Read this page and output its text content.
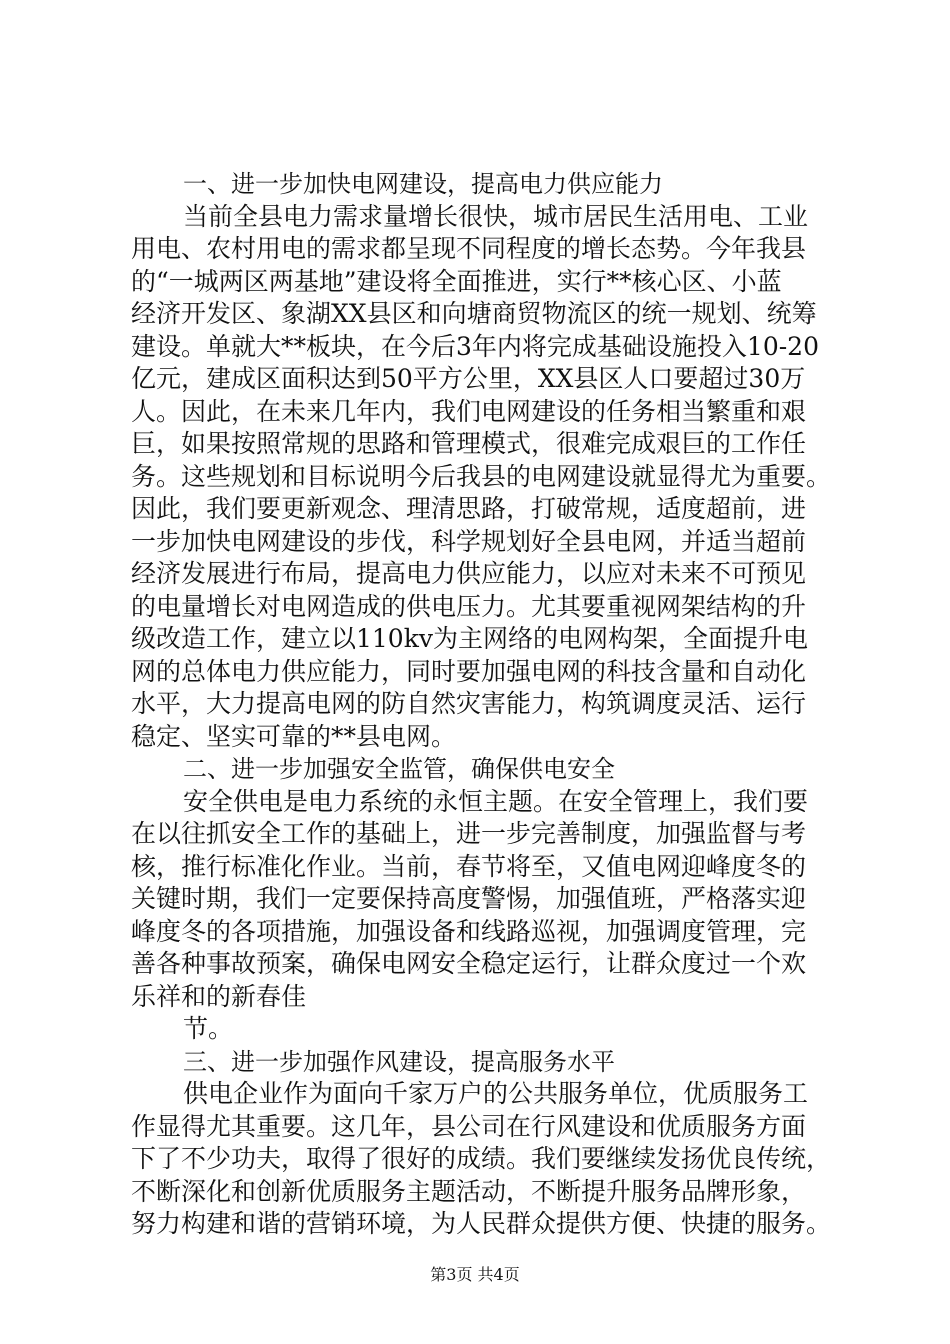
一、进一步加快电网建设，提高电力供应能力
当前全县电力需求量增长很快，城市居民生活用电、工业
用电、农村用电的需求都呈现不同程度的增长态势。今年我县
的“一城两区两基地”建设将全面推进，实行**核心区、小蓝
经济开发区、象湖XX县区和向塘商贸物流区的统一规划、统筹
建设。单就大**板块，在今后3年内将完成基础设施投入10-20
亿元，建成区面积达到50平方公里，XX县区人口要超过30万
人。因此，在未来几年内，我们电网建设的任务相当繁重和艰
巨，如果按照常规的思路和管理模式，很难完成艰巨的工作任
务。这些规划和目标说明今后我县的电网建设就显得尤为重要。
因此，我们要更新观念、理清思路，打破常规，适度超前，进
一步加快电网建设的步伐，科学规划好全县电网，并适当超前
经济发展进行布局，提高电力供应能力，以应对未来不可预见
的电量增长对电网造成的供电压力。尤其要重视网架结构的升
级改造工作，建立以110kv为主网络的电网构架，全面提升电
网的总体电力供应能力，同时要加强电网的科技含量和自动化
水平，大力提高电网的防自然灾害能力，构筑调度灵活、运行
稳定、坚实可靠的**县电网。
二、进一步加强安全监管，确保供电安全
安全供电是电力系统的永恒主题。在安全管理上，我们要
在以往抓安全工作的基础上，进一步完善制度，加强监督与考
核，推行标准化作业。当前，春节将至，又值电网迎峰度冬的
关键时期，我们一定要保持高度警惕，加强值班，严格落实迎
峰度冬的各项措施，加强设备和线路巡视，加强调度管理，完
善各种事故预案，确保电网安全稳定运行，让群众度过一个欢
乐祥和的新春佳
节。
三、进一步加强作风建设，提高服务水平
供电企业作为面向千家万户的公共服务单位，优质服务工
作显得尤其重要。这几年，县公司在行风建设和优质服务方面
下了不少功夫，取得了很好的成绩。我们要继续发扬优良传统，
不断深化和创新优质服务主题活动，不断提升服务品牌形象，
努力构建和谐的营销环境，为人民群众提供方便、快捷的服务。
第3页 共4页
